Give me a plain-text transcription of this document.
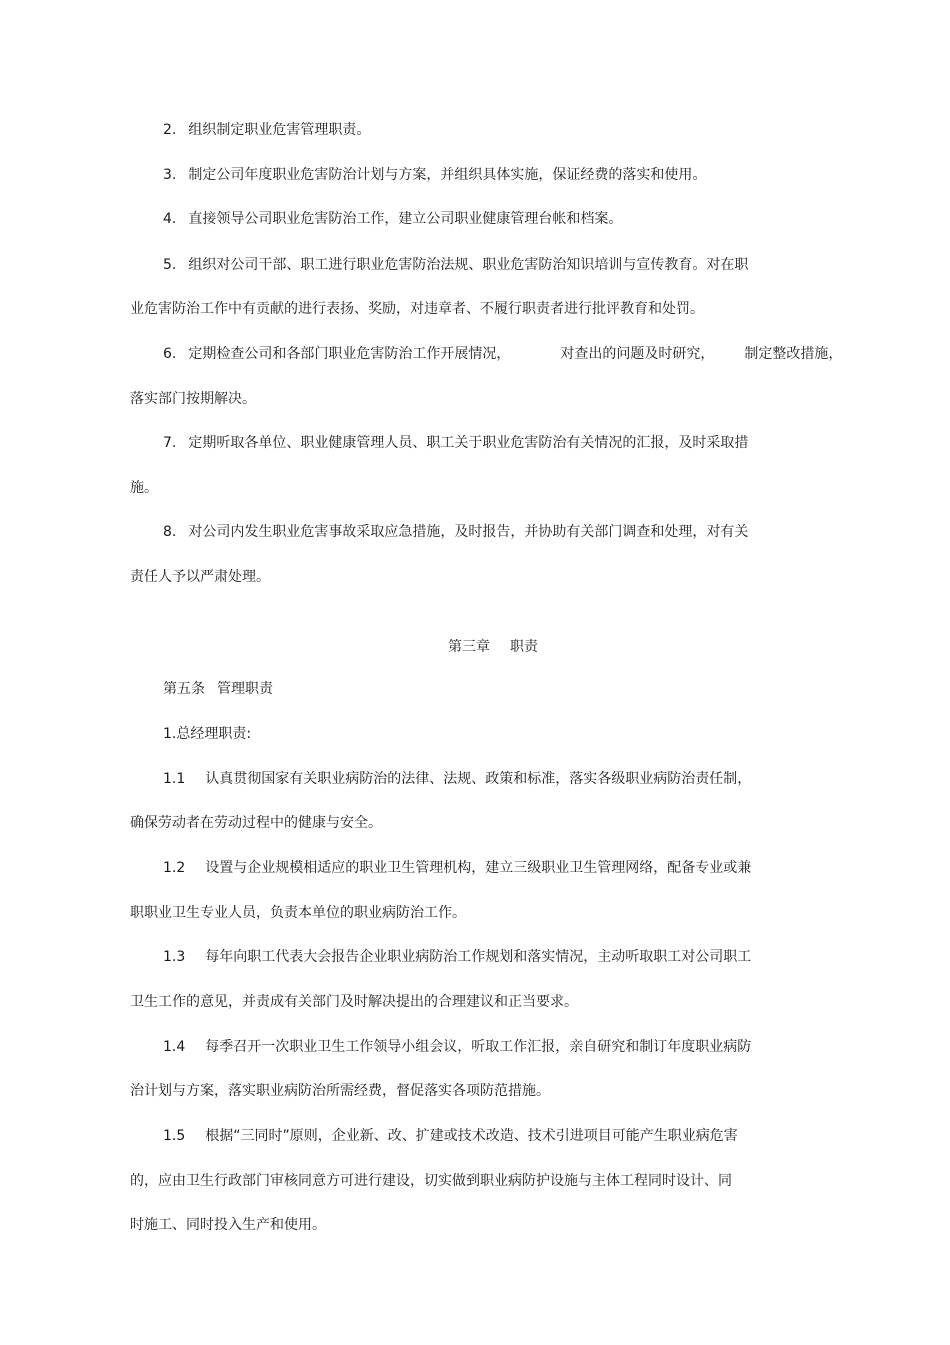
2. 组织制定职业危害管理职责。
3. 制定公司年度职业危害防治计划与方案，并组织具体实施，保证经费的落实和使用。
4. 直接领导公司职业危害防治工作，建立公司职业健康管理台帐和档案。
5. 组织对公司干部、职工进行职业危害防治法规、职业危害防治知识培训与宣传教育。对在职
业危害防治工作中有贡献的进行表扬、奖励，对违章者、不履行职责者进行批评教育和处罚。
6. 定期检查公司和各部门职业危害防治工作开展情况，	对查出的问题及时研究， 制定整改措施，
落实部门按期解决。
7. 定期听取各单位、职业健康管理人员、职工关于职业危害防治有关情况的汇报，及时采取措
施。
8. 对公司内发生职业危害事故采取应急措施，及时报告，并协助有关部门调查和处理，对有关
责任人予以严肃处理。
第三章 职责
第五条 管理职责
1.总经理职责:
1.1 认真贯彻国家有关职业病防治的法律、法规、政策和标准，落实各级职业病防治责任制，
确保劳动者在劳动过程中的健康与安全。
1.2 设置与企业规模相适应的职业卫生管理机构，建立三级职业卫生管理网络，配备专业或兼
职职业卫生专业人员，负责本单位的职业病防治工作。
1.3 每年向职工代表大会报告企业职业病防治工作规划和落实情况，主动听取职工对公司职工
卫生工作的意见，并责成有关部门及时解决提出的合理建议和正当要求。
1.4 每季召开一次职业卫生工作领导小组会议，听取工作汇报，亲自研究和制订年度职业病防
治计划与方案，落实职业病防治所需经费，督促落实各项防范措施。
1.5 根据“三同时”原则，企业新、改、扩建或技术改造、技术引进项目可能产生职业病危害
的，应由卫生行政部门审核同意方可进行建设，切实做到职业病防护设施与主体工程同时设计、同
时施工、同时投入生产和使用。
